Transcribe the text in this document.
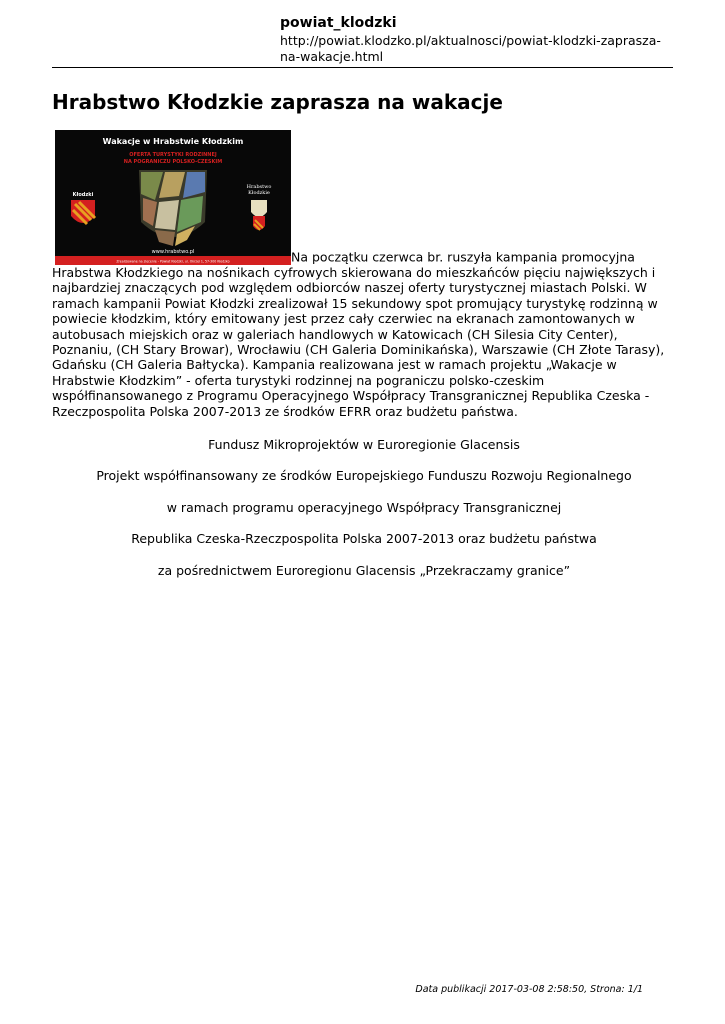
powiat_klodzki
http://powiat.klodzko.pl/aktualnosci/powiat-klodzki-zaprasza-na-wakacje.html
Hrabstwo Kłodzkie zaprasza na wakacje
Wakacje w Hrabstwie Kłodzkim
OFERTA TURYSTYKI RODZINNEJ
NA POGRANICZU POLSKO-CZESKIM
Kłodzki
Hrabstwo
Kłodzkie
www.hrabstwo.pl
Zrealizowane na zlecenie - Powiat Kłodzki, ul. Okrzei 1, 57-300 Kłodzko	Na początku czerwca br. ruszyła kampania promocyjna Hrabstwa Kłodzkiego na nośnikach cyfrowych skierowana do mieszkańców pięciu największych i najbardziej znaczących pod względem odbiorców naszej oferty turystycznej miastach Polski. W ramach kampanii Powiat Kłodzki zrealizował 15 sekundowy spot promujący turystykę rodzinną w powiecie kłodzkim, który emitowany jest przez cały czerwiec na ekranach zamontowanych w autobusach miejskich oraz w galeriach handlowych w Katowicach (CH Silesia City Center), Poznaniu, (CH Stary Browar), Wrocławiu (CH Galeria Dominikańska), Warszawie (CH Złote Tarasy), Gdańsku (CH Galeria Bałtycka). Kampania realizowana jest w ramach projektu „Wakacje w Hrabstwie Kłodzkim” - oferta turystyki rodzinnej na pograniczu polsko-czeskim współfinansowanego z Programu Operacyjnego Współpracy Transgranicznej Republika Czeska - Rzeczpospolita Polska 2007-2013 ze środków EFRR oraz budżetu państwa.
Fundusz Mikroprojektów w Euroregionie Glacensis
Projekt współfinansowany ze środków Europejskiego Funduszu Rozwoju Regionalnego
w ramach programu operacyjnego Współpracy Transgranicznej
Republika Czeska-Rzeczpospolita Polska 2007-2013 oraz budżetu państwa
za pośrednictwem Euroregionu Glacensis „Przekraczamy granice”
Data publikacji 2017-03-08 2:58:50, Strona: 1/1
